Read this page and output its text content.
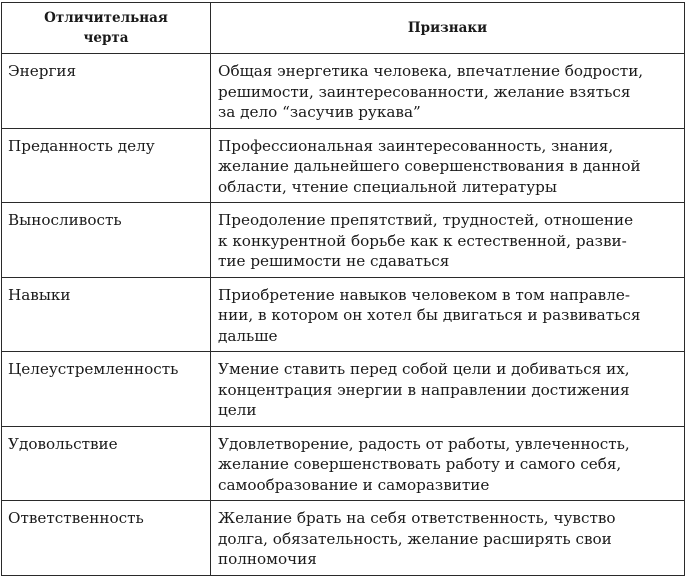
Отличительная
черта	Признаки
Энергия	Общая энергетика человека, впечатление бодрости,
решимости, заинтересованности, желание взяться
за дело “засучив рукава”
Преданность делу	Профессиональная заинтересованность, знания,
желание дальнейшего совершенствования в данной
области, чтение специальной литературы
Выносливость	Преодоление препятствий, трудностей, отношение
к конкурентной борьбе как к естественной, разви-
тие решимости не сдаваться
Навыки	Приобретение навыков человеком в том направле-
нии, в котором он хотел бы двигаться и развиваться
дальше
Целеустремленность	Умение ставить перед собой цели и добиваться их,
концентрация энергии в направлении достижения
цели
Удовольствие	Удовлетворение, радость от работы, увлеченность,
желание совершенствовать работу и самого себя,
самообразование и саморазвитие
Ответственность	Желание брать на себя ответственность, чувство
долга, обязательность, желание расширять свои
полномочия
